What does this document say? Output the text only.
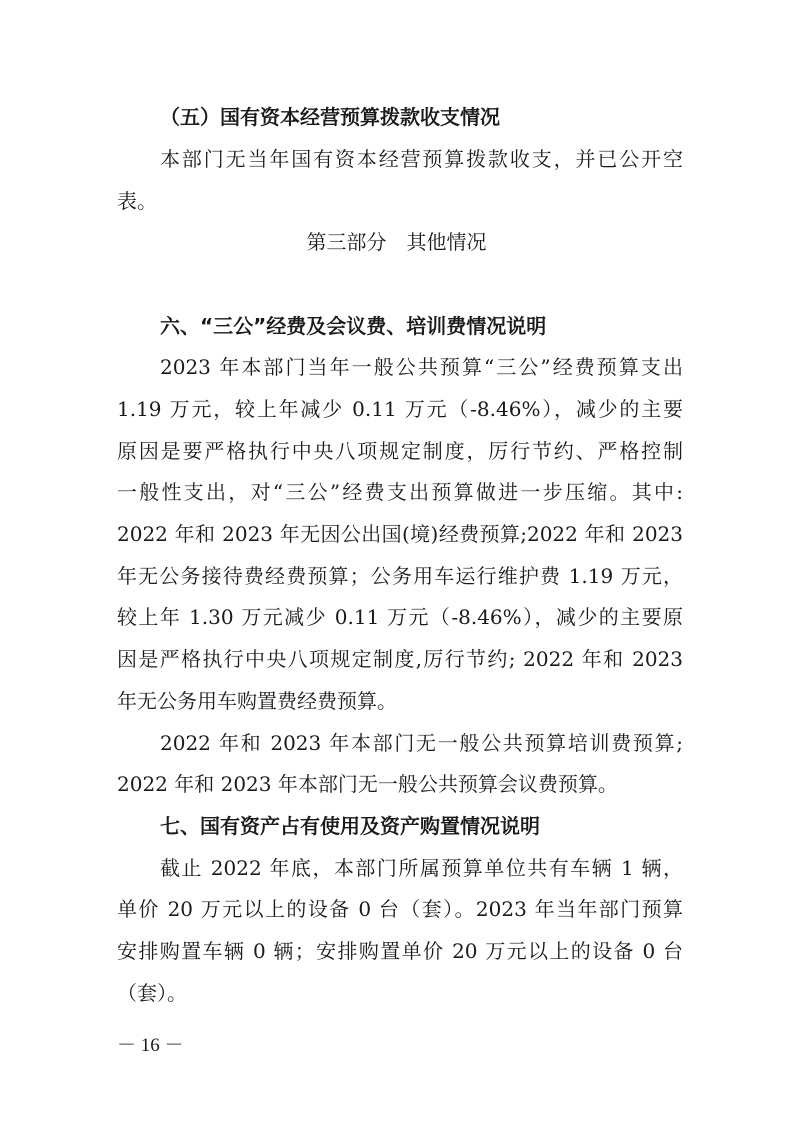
（五）国有资本经营预算拨款收支情况
本部门无当年国有资本经营预算拨款收支，并已公开空
表。
第三部分　其他情况
六、“三公”经费及会议费、培训费情况说明
2023 年本部门当年一般公共预算“三公”经费预算支出
1.19 万元，较上年减少 0.11 万元（-8.46%），减少的主要
原因是要严格执行中央八项规定制度，厉行节约、严格控制
一般性支出，对“三公”经费支出预算做进一步压缩。其中:
2022 年和 2023 年无因公出国(境)经费预算;2022 年和 2023
年无公务接待费经费预算；公务用车运行维护费 1.19 万元，
较上年 1.30 万元减少 0.11 万元（-8.46%），减少的主要原
因是严格执行中央八项规定制度,厉行节约; 2022 年和 2023
年无公务用车购置费经费预算。
2022 年和 2023 年本部门无一般公共预算培训费预算;
2022 年和 2023 年本部门无一般公共预算会议费预算。
七、国有资产占有使用及资产购置情况说明
截止 2022 年底，本部门所属预算单位共有车辆 1 辆，
单价 20 万元以上的设备 0 台（套）。2023 年当年部门预算
安排购置车辆 0 辆；安排购置单价 20 万元以上的设备 0 台
（套）。
－ 16 －
